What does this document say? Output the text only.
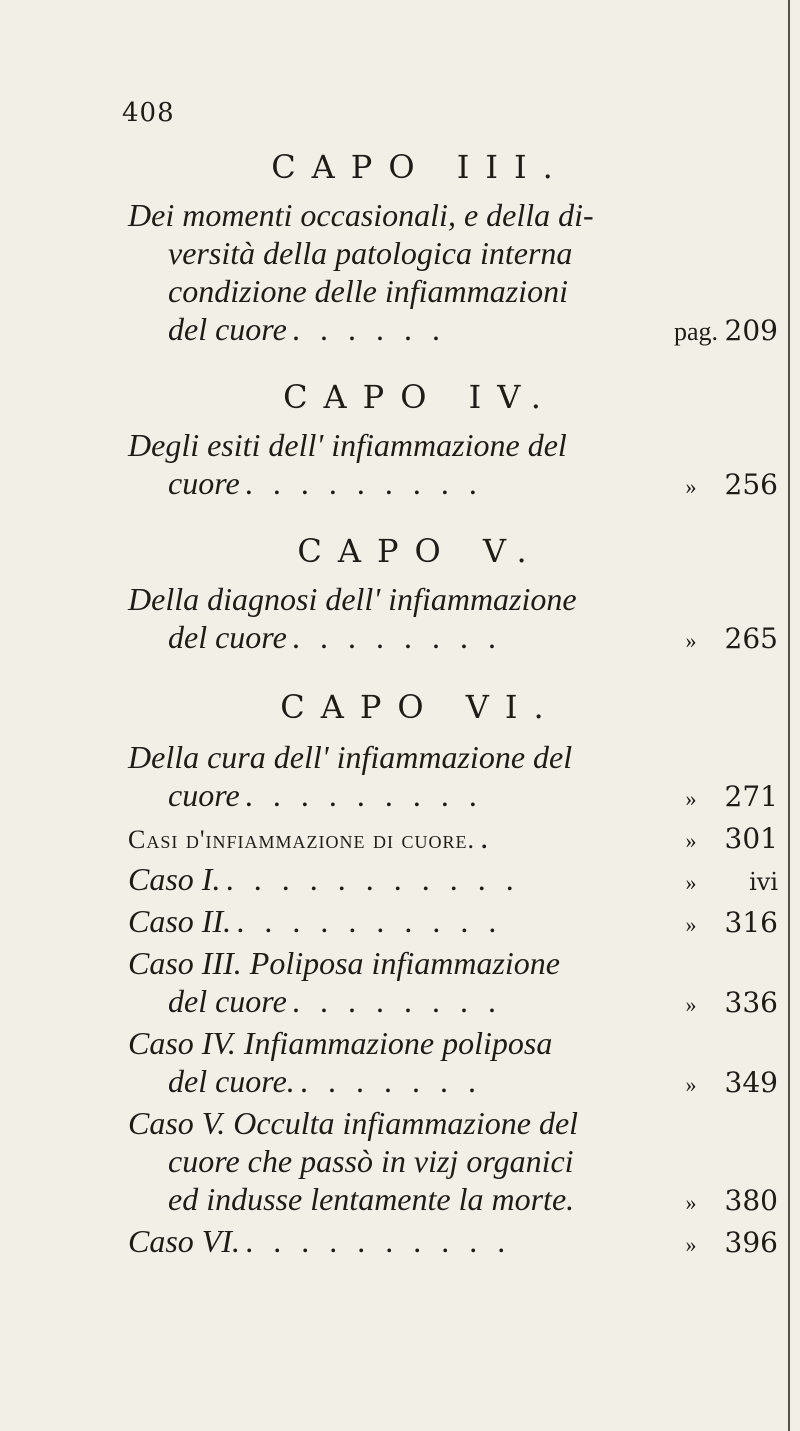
408
CAPO III.
Dei momenti occasionali, e della di-
versità della patologica interna
condizione delle infiammazioni
del cuore . . . . . .	pag. 209
CAPO IV.
Degli esiti dell' infiammazione del
cuore . . . . . . . . .	»	256
CAPO V.
Della diagnosi dell' infiammazione
del cuore . . . . . . . .	»	265
CAPO VI.
Della cura dell' infiammazione del
cuore . . . . . . . . .	»	271
Casi d'infiammazione di cuore. .	»	301
Caso I. . . . . . . . . . . .	»	ivi
Caso II. . . . . . . . . . .	»	316
Caso III. Poliposa infiammazione
del cuore . . . . . . . .	»	336
Caso IV. Infiammazione poliposa
del cuore. . . . . . . .	»	349
Caso V. Occulta infiammazione del
cuore che passò in vizj organici
ed indusse lentamente la morte.	»	380
Caso VI. . . . . . . . . . .	»	396
